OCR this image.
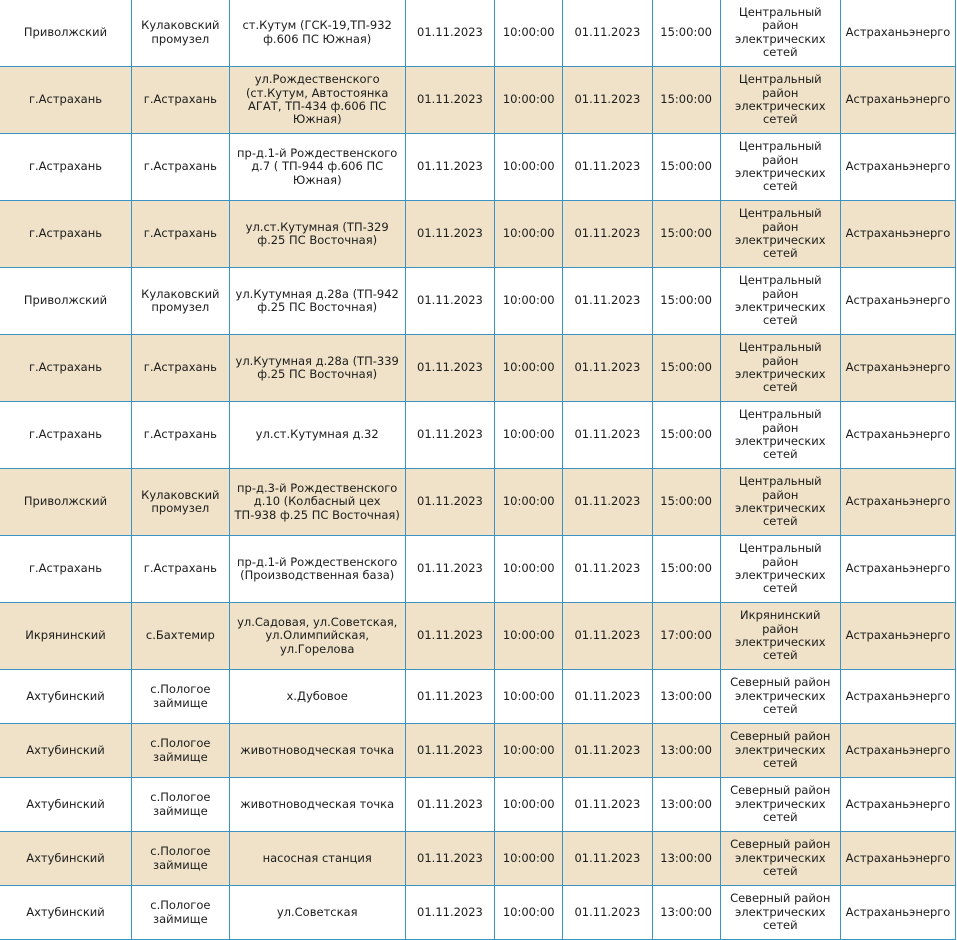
Приволжский	Кулаковский промузел	ст.Кутум (ГСК-19,ТП-932 ф.606 ПС Южная)	01.11.2023	10:00:00	01.11.2023	15:00:00	Центральный район электрических сетей	Астраханьэнерго
г.Астрахань	г.Астрахань	ул.Рождественского (ст.Кутум, Автостоянка АГАТ, ТП-434 ф.606 ПС Южная)	01.11.2023	10:00:00	01.11.2023	15:00:00	Центральный район электрических сетей	Астраханьэнерго
г.Астрахань	г.Астрахань	пр-д.1-й Рождественского д.7 ( ТП-944 ф.606 ПС Южная)	01.11.2023	10:00:00	01.11.2023	15:00:00	Центральный район электрических сетей	Астраханьэнерго
г.Астрахань	г.Астрахань	ул.ст.Кутумная (ТП-329 ф.25 ПС Восточная)	01.11.2023	10:00:00	01.11.2023	15:00:00	Центральный район электрических сетей	Астраханьэнерго
Приволжский	Кулаковский промузел	ул.Кутумная д.28а (ТП-942 ф.25 ПС Восточная)	01.11.2023	10:00:00	01.11.2023	15:00:00	Центральный район электрических сетей	Астраханьэнерго
г.Астрахань	г.Астрахань	ул.Кутумная д.28а (ТП-339 ф.25 ПС Восточная)	01.11.2023	10:00:00	01.11.2023	15:00:00	Центральный район электрических сетей	Астраханьэнерго
г.Астрахань	г.Астрахань	ул.ст.Кутумная д.32	01.11.2023	10:00:00	01.11.2023	15:00:00	Центральный район электрических сетей	Астраханьэнерго
Приволжский	Кулаковский промузел	пр-д.3-й Рождественского д.10 (Колбасный цех ТП-938 ф.25 ПС Восточная)	01.11.2023	10:00:00	01.11.2023	15:00:00	Центральный район электрических сетей	Астраханьэнерго
г.Астрахань	г.Астрахань	пр-д.1-й Рождественского (Производственная база)	01.11.2023	10:00:00	01.11.2023	15:00:00	Центральный район электрических сетей	Астраханьэнерго
Икрянинский	с.Бахтемир	ул.Садовая, ул.Советская, ул.Олимпийская, ул.Горелова	01.11.2023	10:00:00	01.11.2023	17:00:00	Икрянинский район электрических сетей	Астраханьэнерго
Ахтубинский	с.Пологое займище	х.Дубовое	01.11.2023	10:00:00	01.11.2023	13:00:00	Северный район электрических сетей	Астраханьэнерго
Ахтубинский	с.Пологое займище	животноводческая точка	01.11.2023	10:00:00	01.11.2023	13:00:00	Северный район электрических сетей	Астраханьэнерго
Ахтубинский	с.Пологое займище	животноводческая точка	01.11.2023	10:00:00	01.11.2023	13:00:00	Северный район электрических сетей	Астраханьэнерго
Ахтубинский	с.Пологое займище	насосная станция	01.11.2023	10:00:00	01.11.2023	13:00:00	Северный район электрических сетей	Астраханьэнерго
Ахтубинский	с.Пологое займище	ул.Советская	01.11.2023	10:00:00	01.11.2023	13:00:00	Северный район электрических сетей	Астраханьэнерго
